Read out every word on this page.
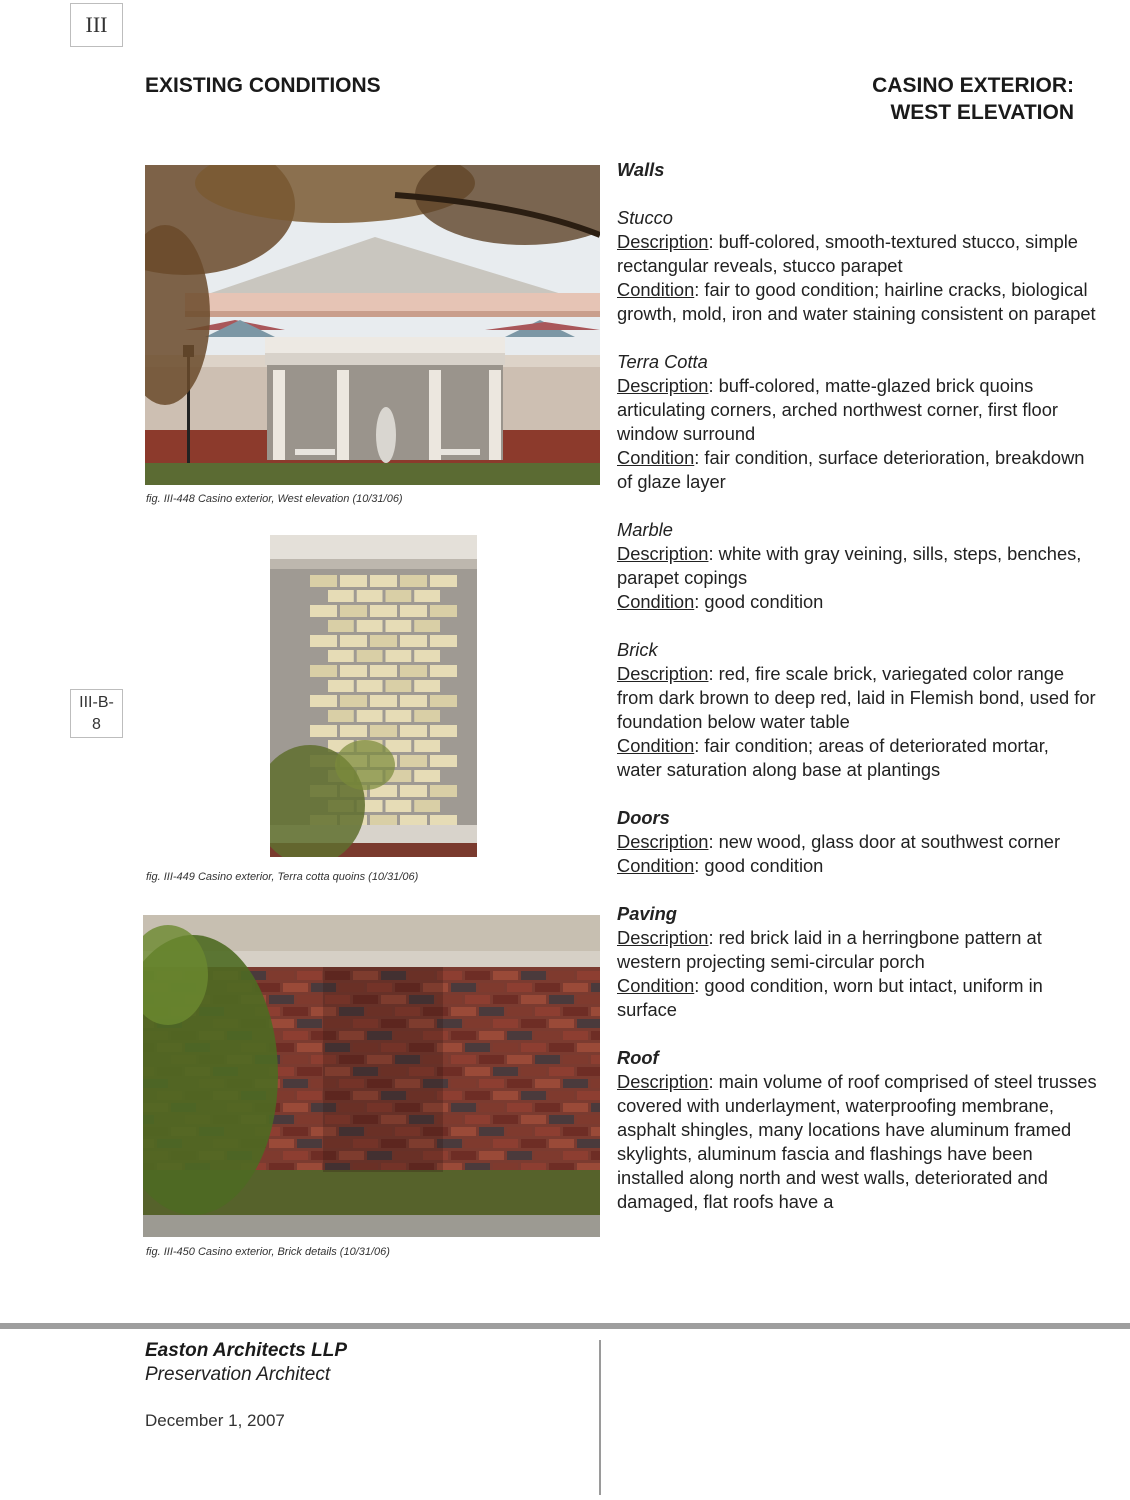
III
III-B-
8
EXISTING CONDITIONS	CASINO EXTERIOR:
WEST ELEVATION
fig. III-448 Casino exterior, West elevation (10/31/06)
fig. III-449 Casino exterior, Terra cotta quoins (10/31/06)
fig. III-450 Casino exterior, Brick details (10/31/06)

Walls

Stucco

Description: buff-colored, smooth-textured stucco, simple rectangular reveals, stucco parapet

Condition: fair to good condition; hairline cracks, biological growth, mold, iron and water staining consistent on parapet

Terra Cotta

Description: buff-colored, matte-glazed brick quoins articulating corners, arched northwest corner, first floor window surround

Condition: fair condition, surface deterioration, breakdown of glaze layer

Marble

Description: white with gray veining, sills, steps, benches, parapet copings

Condition: good condition

Brick

Description: red, fire scale brick, variegated color range from dark brown to deep red, laid in Flemish bond, used for foundation below water table

Condition: fair condition; areas of deteriorated mortar, water saturation along base at plantings

Doors

Description: new wood, glass door at southwest corner

Condition: good condition

Paving

Description: red brick laid in a herringbone pattern at western projecting semi-circular porch

Condition: good condition, worn but intact, uniform in surface

Roof

Description: main volume of roof comprised of steel trusses covered with underlayment, waterproofing membrane, asphalt shingles, many locations have aluminum framed skylights, aluminum fascia and flashings have been installed along north and west walls, deteriorated and damaged, flat roofs have a

Easton Architects LLP
Preservation Architect
December 1, 2007
